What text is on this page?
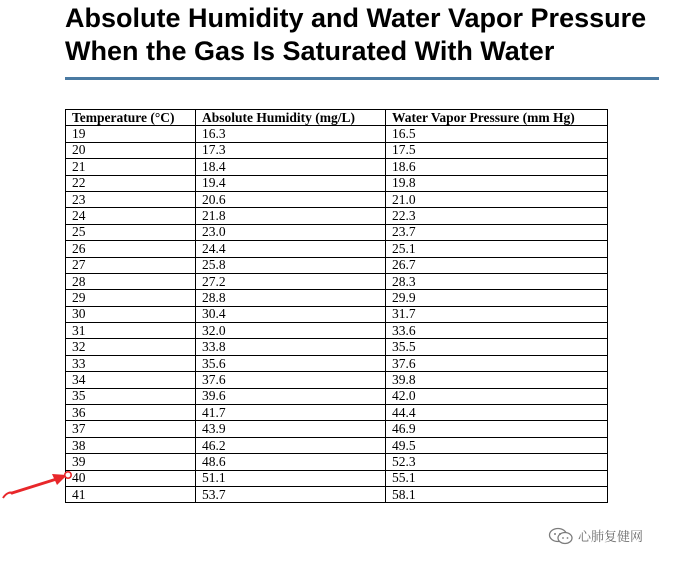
Absolute Humidity and Water Vapor Pressure
When the Gas Is Saturated With Water
Temperature (°C)	Absolute Humidity (mg/L)	Water Vapor Pressure (mm Hg)
19	16.3	16.5
20	17.3	17.5
21	18.4	18.6
22	19.4	19.8
23	20.6	21.0
24	21.8	22.3
25	23.0	23.7
26	24.4	25.1
27	25.8	26.7
28	27.2	28.3
29	28.8	29.9
30	30.4	31.7
31	32.0	33.6
32	33.8	35.5
33	35.6	37.6
34	37.6	39.8
35	39.6	42.0
36	41.7	44.4
37	43.9	46.9
38	46.2	49.5
39	48.6	52.3
40	51.1	55.1
41	53.7	58.1
心肺复健网
